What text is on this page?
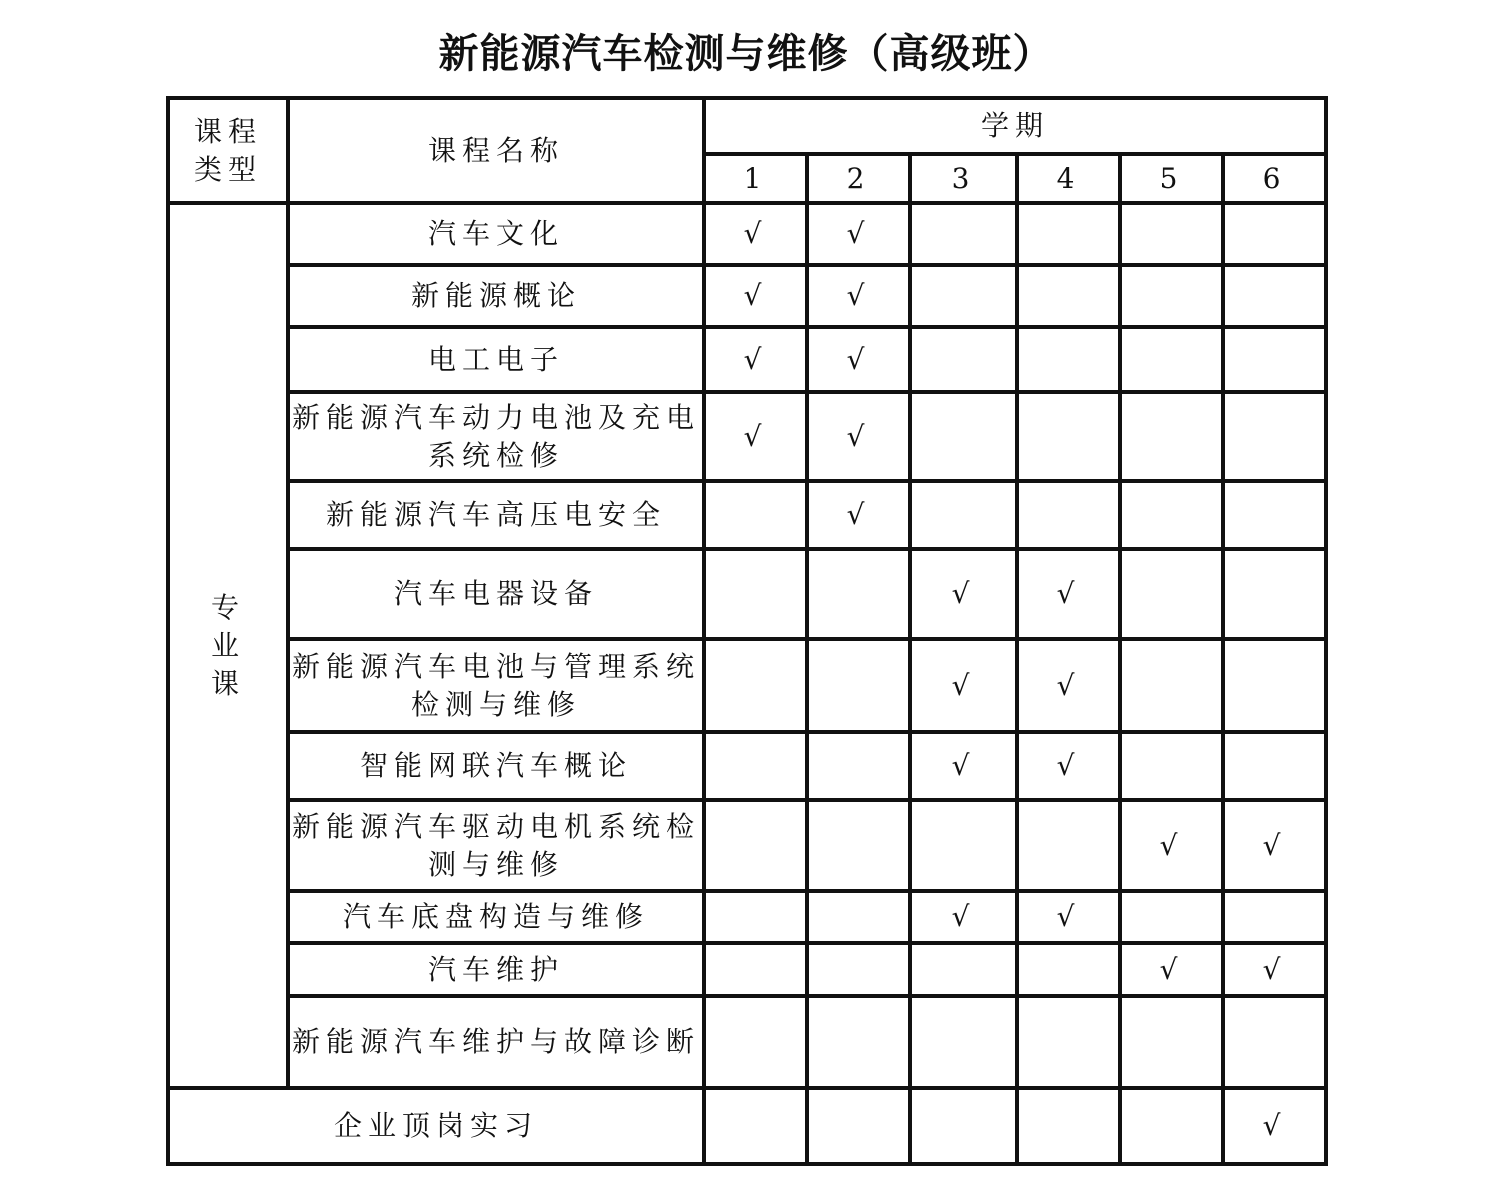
新能源汽车检测与维修（高级班）
课程
类型	课程名称	学期					
		1	2	3	4	5	6
专
业
课	汽车文化	√	√				
	新能源概论	√	√				
	电工电子	√	√				
	新能源汽车动力电池及充电系统检修	√	√				
	新能源汽车高压电安全		√				
	汽车电器设备			√	√		
	新能源汽车电池与管理系统检测与维修			√	√		
	智能网联汽车概论			√	√		
	新能源汽车驱动电机系统检测与维修					√	√
	汽车底盘构造与维修			√	√		
	汽车维护					√	√
	新能源汽车维护与故障诊断						
企业顶岗实习							√
